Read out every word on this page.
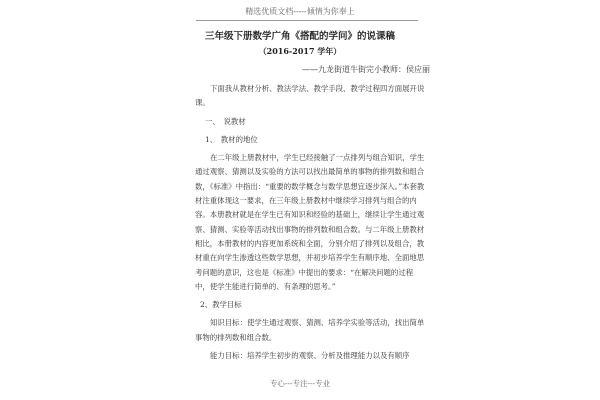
精选优质文档-----倾情为你奉上
三年级下册数学广角《搭配的学问》的说课稿
（2016-2017 学年）
——九龙街道牛街完小教师：侯应丽

下面我从教材分析、教法学法、教学手段、教学过程四方面展开说课。

一、　说教材

1、　教材的地位

在二年级上册教材中，学生已经接触了一点排列与组合知识，学生通过观察、猜测以及实验的方法可以找出最简单的事物的排列数和组合数，《标准》中指出：“重要的数学概念与数学思想宜逐步深入。”本套教材注重体现这一要求，在三年级上册教材中继续学习排列与组合的内容。本册教材就是在学生已有知识和经验的基础上，继续让学生通过观察、猜测、实验等活动找出事物的排列数和组合数。与二年级上册教材相比，本册教材的内容更加系统和全面，分别介绍了排列以及组合，教材重在向学生渗透这些数学思想，并初步培养学生有顺序地、全面地思考问题的意识，这也是《标准》中提出的要求：“在解决问题的过程中，使学生能进行简单的、有条理的思考。”

2、教学目标

知识目标：使学生通过观察、猜测、培养学实验等活动，找出简单事物的排列数和组合数。

能力目标：培养学生初步的观察、分析及推理能力以及有顺序

专心---专注---专业
